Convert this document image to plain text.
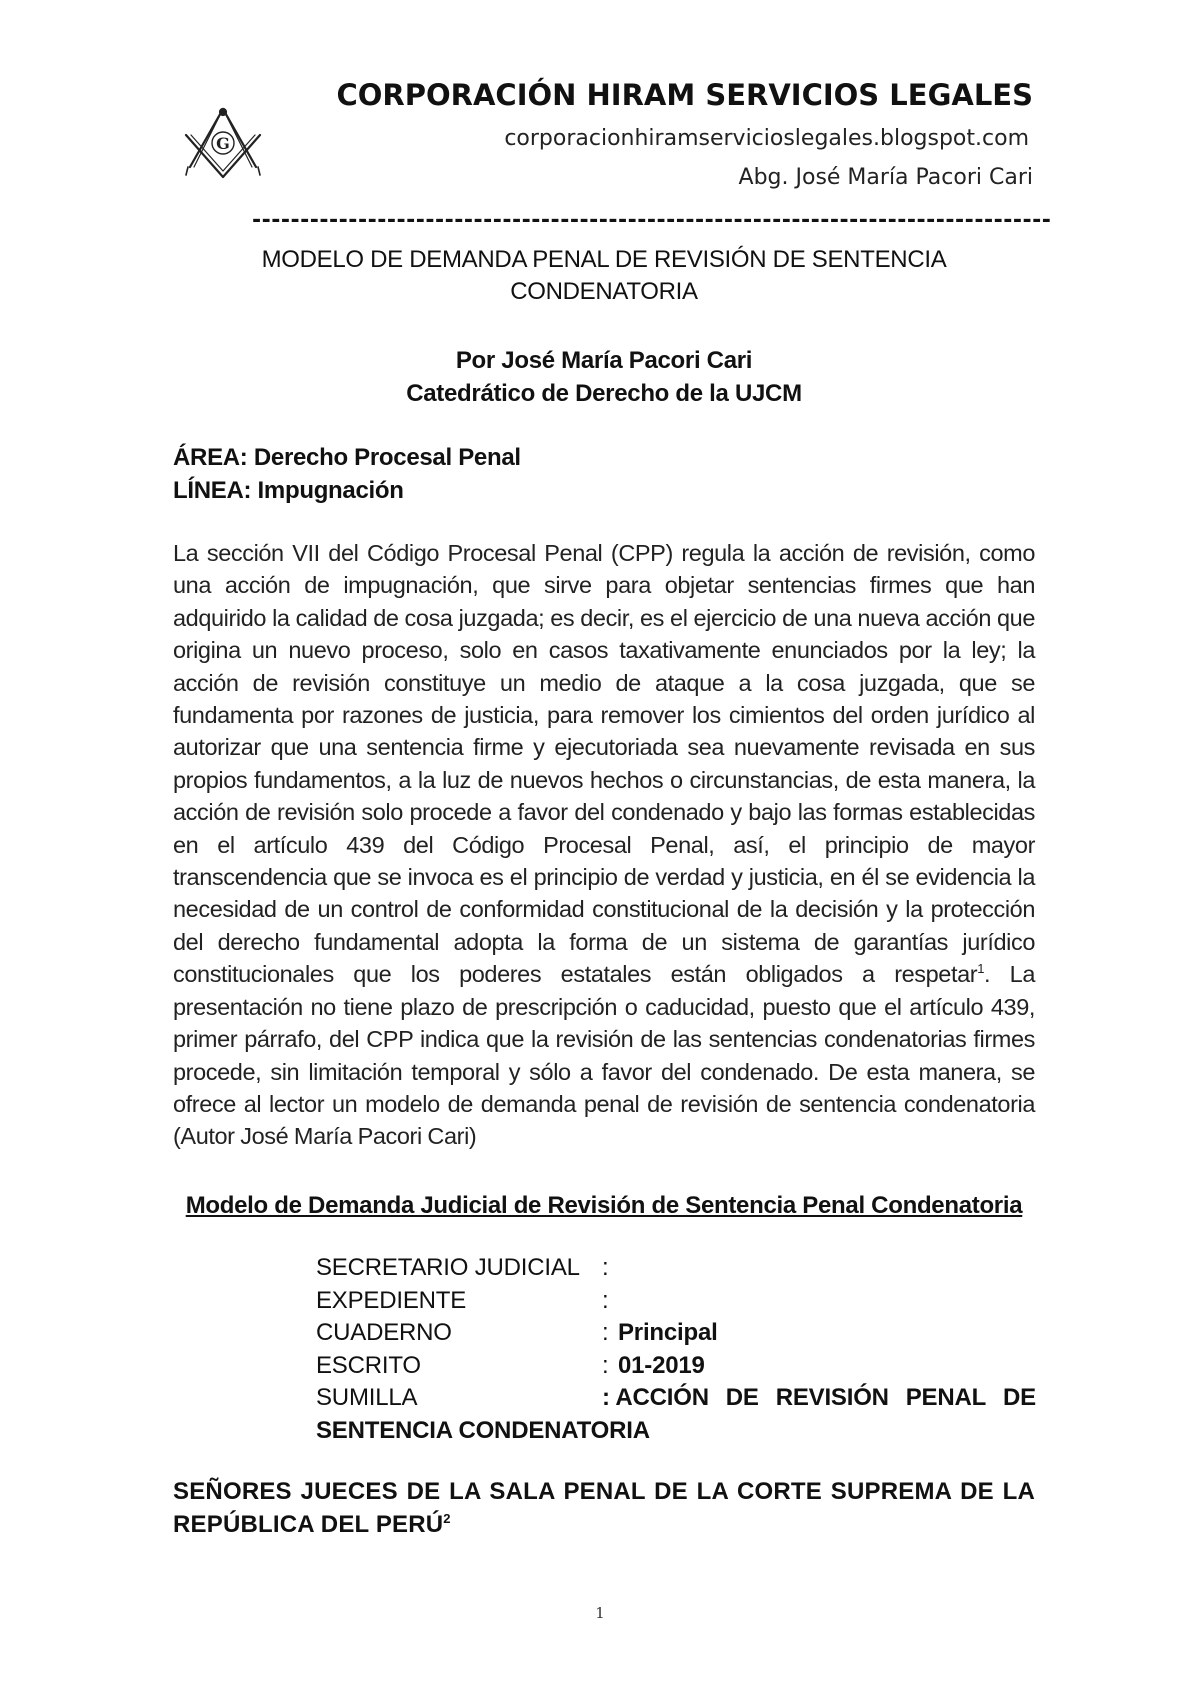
G
CORPORACIÓN HIRAM SERVICIOS LEGALES
corporacionhiramservicioslegales.blogspot.com
Abg. José María Pacori Cari
-----------------------------------------------------------------------------------
MODELO DE DEMANDA PENAL DE REVISIÓN DE SENTENCIA
CONDENATORIA
Por José María Pacori Cari
Catedrático de Derecho de la UJCM
ÁREA: Derecho Procesal Penal
LÍNEA: Impugnación
La sección VII del Código Procesal Penal (CPP) regula la acción de revisión, como una acción de impugnación, que sirve para objetar sentencias firmes que han adquirido la calidad de cosa juzgada; es decir, es el ejercicio de una nueva acción que origina un nuevo proceso, solo en casos taxativamente enunciados por la ley; la acción de revisión constituye un medio de ataque a la cosa juzgada, que se fundamenta por razones de justicia, para remover los cimientos del orden jurídico al autorizar que una sentencia firme y ejecutoriada sea nuevamente revisada en sus propios fundamentos, a la luz de nuevos hechos o circunstancias, de esta manera, la acción de revisión solo procede a favor del condenado y bajo las formas establecidas en el artículo 439 del Código Procesal Penal, así, el principio de mayor transcendencia que se invoca es el principio de verdad y justicia, en él se evidencia la necesidad de un control de conformidad constitucional de la decisión y la protección del derecho fundamental adopta la forma de un sistema de garantías jurídico constitucionales que los poderes estatales están obligados a respetar$^1$. La presentación no tiene plazo de prescripción o caducidad, puesto que el artículo 439, primer párrafo, del CPP indica que la revisión de las sentencias condenatorias firmes procede, sin limitación temporal y sólo a favor del condenado. De esta manera, se ofrece al lector un modelo de demanda penal de revisión de sentencia condenatoria (Autor José María Pacori Cari)
Modelo de Demanda Judicial de Revisión de Sentencia Penal Condenatoria
SECRETARIO JUDICIAL :
EXPEDIENTE	:
CUADERNO	: Principal
ESCRITO	: 01-2019
SUMILLA	: ACCIÓN DE REVISIÓN PENAL DE
SENTENCIA CONDENATORIA
SEÑORES JUECES DE LA SALA PENAL DE LA CORTE SUPREMA DE LA REPÚBLICA DEL PERÚ$^2$
1
